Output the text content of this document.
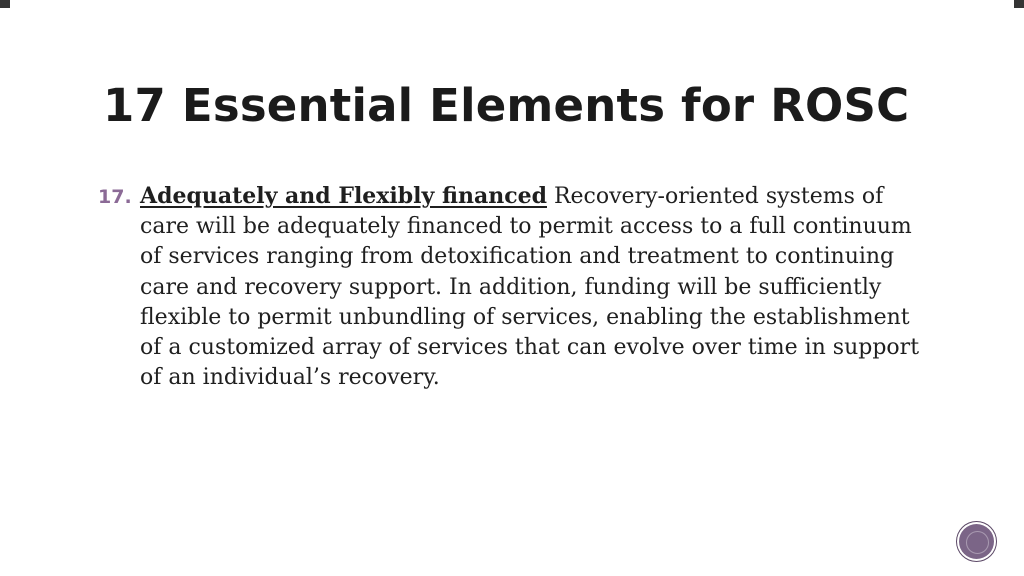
17 Essential Elements for ROSC
17. Adequately and Flexibly financed Recovery-oriented systems of care will be adequately financed to permit access to a full continuum of services ranging from detoxification and treatment to continuing care and recovery support. In addition, funding will be sufficiently flexible to permit unbundling of services, enabling the establishment of a customized array of services that can evolve over time in support of an individual’s recovery.
